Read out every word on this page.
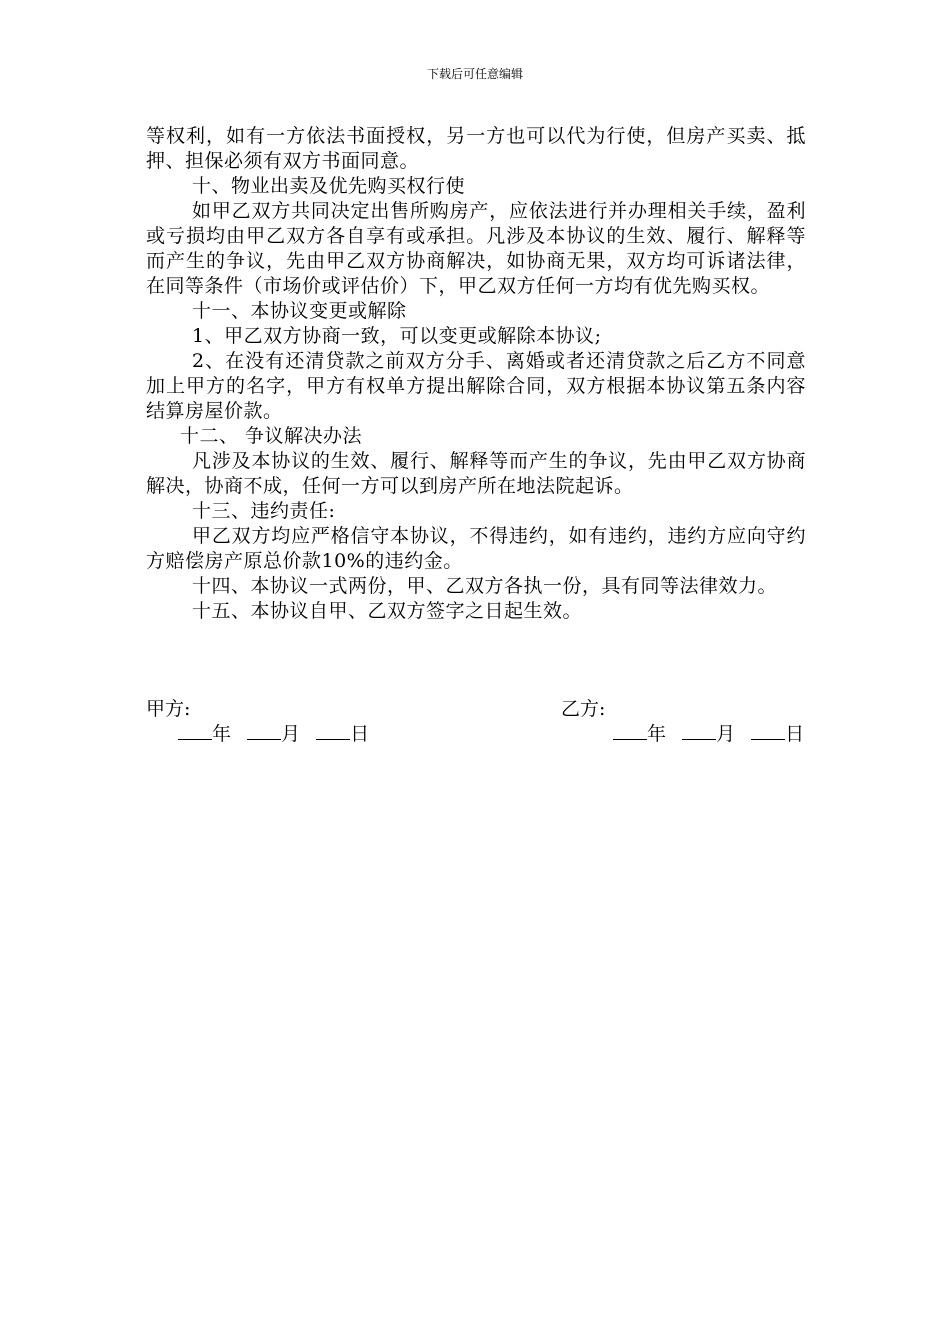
下载后可任意编辑

等权利，如有一方依法书面授权，另一方也可以代为行使，但房产买卖、抵押、担保必须有双方书面同意。

十、物业出卖及优先购买权行使

如甲乙双方共同决定出售所购房产，应依法进行并办理相关手续，盈利或亏损均由甲乙双方各自享有或承担。凡涉及本协议的生效、履行、解释等而产生的争议，先由甲乙双方协商解决，如协商无果，双方均可诉诸法律，在同等条件（市场价或评估价）下，甲乙双方任何一方均有优先购买权。

十一、本协议变更或解除

1、甲乙双方协商一致，可以变更或解除本协议;

2、在没有还清贷款之前双方分手、离婚或者还清贷款之后乙方不同意加上甲方的名字，甲方有权单方提出解除合同，双方根据本协议第五条内容结算房屋价款。

十二、 争议解决办法

凡涉及本协议的生效、履行、解释等而产生的争议，先由甲乙双方协商解决，协商不成，任何一方可以到房产所在地法院起诉。

十三、违约责任:

甲乙双方均应严格信守本协议，不得违约，如有违约，违约方应向守约方赔偿房产原总价款10%的违约金。

十四、本协议一式两份，甲、乙双方各执一份，具有同等法律效力。

十五、本协议自甲、乙双方签字之日起生效。

甲方:	乙方:
年	月	日	年	月	日
